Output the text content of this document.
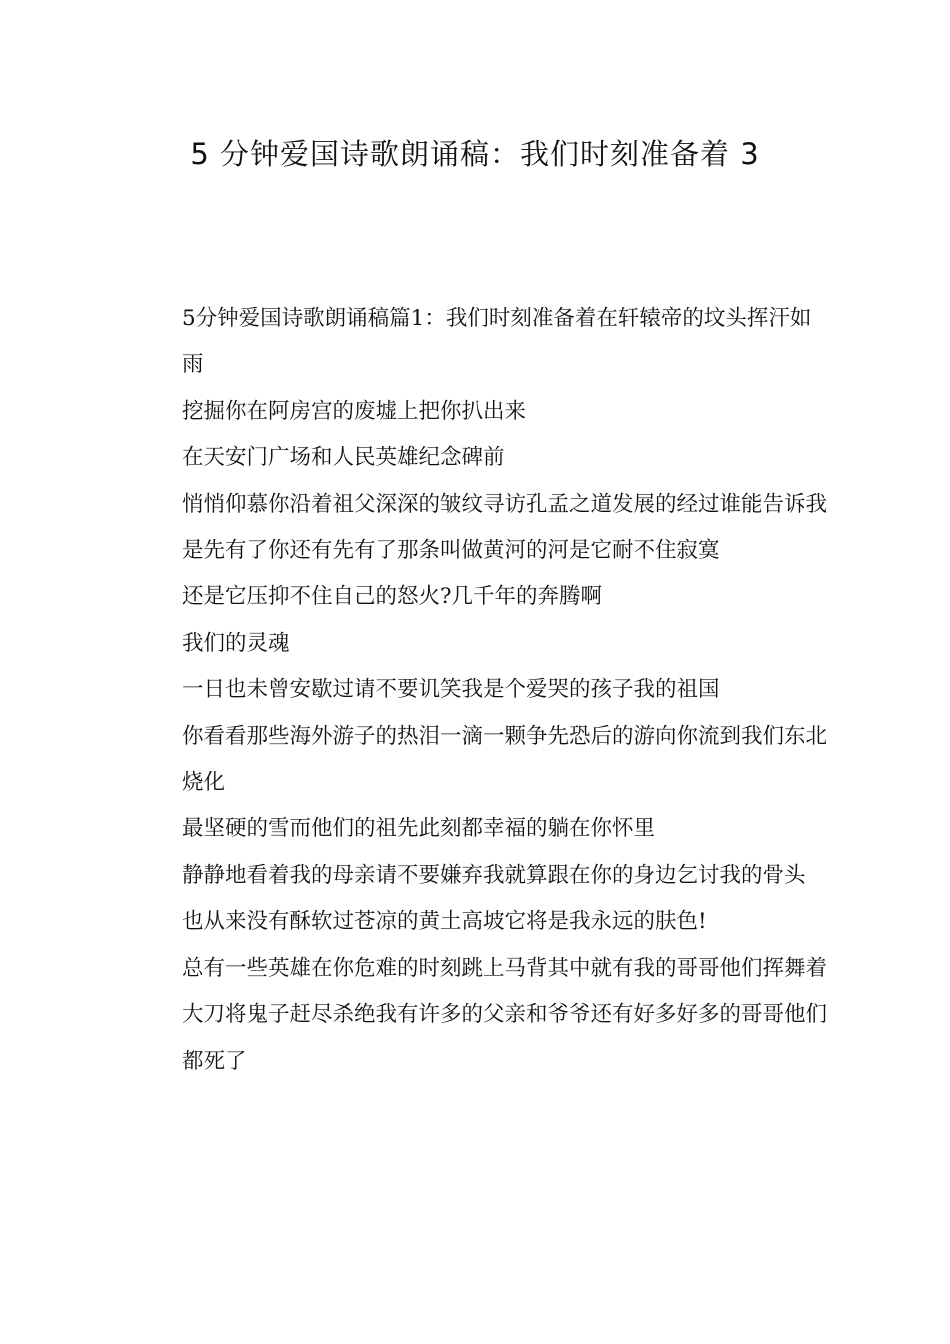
5 分钟爱国诗歌朗诵稿：我们时刻准备着 3
5分钟爱国诗歌朗诵稿篇1：我们时刻准备着在轩辕帝的坟头挥汗如雨
挖掘你在阿房宫的废墟上把你扒出来
在天安门广场和人民英雄纪念碑前
悄悄仰慕你沿着祖父深深的皱纹寻访孔孟之道发展的经过谁能告诉我是先有了你还有先有了那条叫做黄河的河是它耐不住寂寞
还是它压抑不住自己的怒火?几千年的奔腾啊
我们的灵魂
一日也未曾安歇过请不要讥笑我是个爱哭的孩子我的祖国
你看看那些海外游子的热泪一滴一颗争先恐后的游向你流到我们东北烧化
最坚硬的雪而他们的祖先此刻都幸福的躺在你怀里
静静地看着我的母亲请不要嫌弃我就算跟在你的身边乞讨我的骨头
也从来没有酥软过苍凉的黄土高坡它将是我永远的肤色!
总有一些英雄在你危难的时刻跳上马背其中就有我的哥哥他们挥舞着大刀将鬼子赶尽杀绝我有许多的父亲和爷爷还有好多好多的哥哥他们都死了
